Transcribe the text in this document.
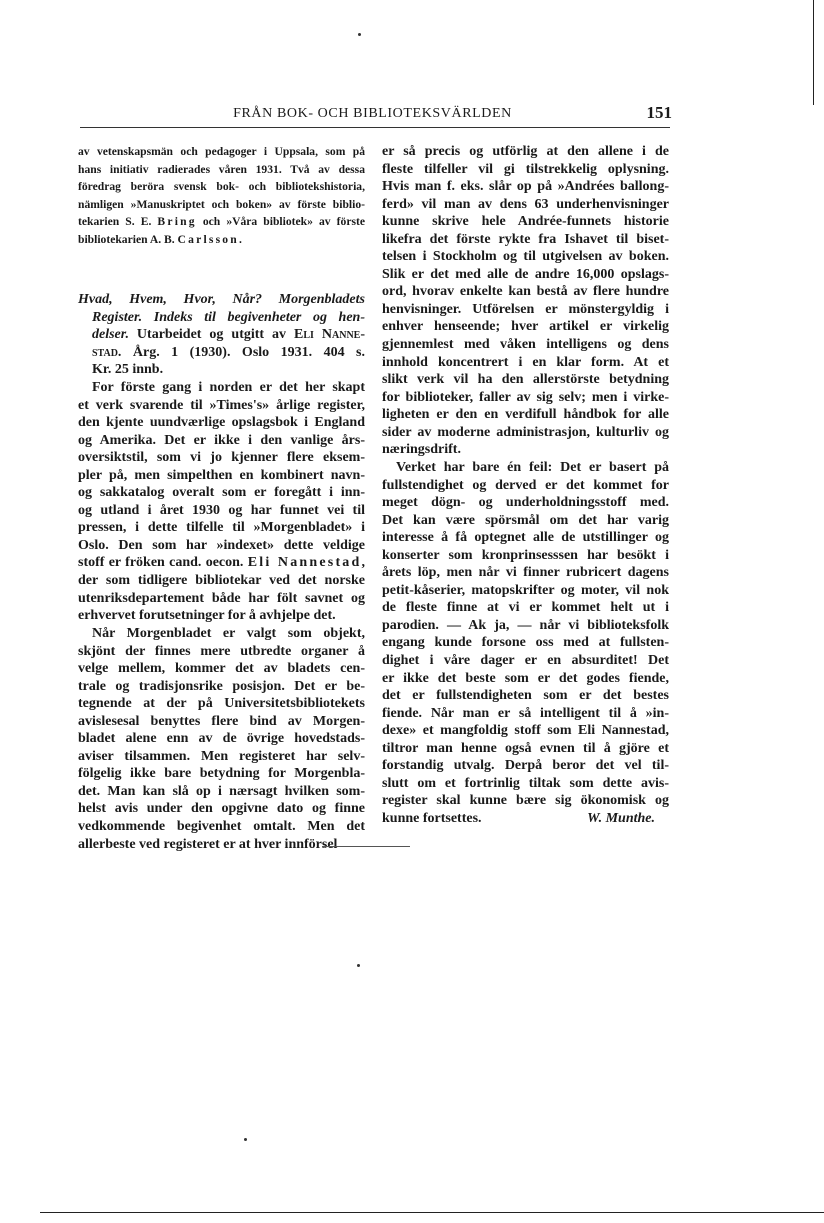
FRÅN BOK- OCH BIBLIOTEKSVÄRLDEN	151
av vetenskapsmän och pedagoger i Uppsala, som på
hans initiativ radierades våren 1931. Två av dessa
föredrag beröra svensk bok- och bibliotekshistoria,
nämligen »Manuskriptet och boken» av förste biblio-
tekarien S. E. Bring och »Våra bibliotek» av förste
bibliotekarien A. B. Carlsson.
Hvad, Hvem, Hvor, Når? Morgenbladets
Register. Indeks til begivenheter og hen-
delser. Utarbeidet og utgitt av Eli Nanne-
stad. Årg. 1 (1930). Oslo 1931. 404 s.
Kr. 25 innb.
For förste gang i norden er det her skapt
et verk svarende til »Times's» årlige register,
den kjente uundværlige opslagsbok i England
og Amerika. Det er ikke i den vanlige års-
oversiktstil, som vi jo kjenner flere eksem-
pler på, men simpelthen en kombinert navn-
og sakkatalog overalt som er foregått i inn-
og utland i året 1930 og har funnet vei til
pressen, i dette tilfelle til »Morgenbladet» i
Oslo. Den som har »indexet» dette veldige
stoff er fröken cand. oecon. Eli Nannestad,
der som tidligere bibliotekar ved det norske
utenriksdepartement både har fölt savnet og
erhvervet forutsetninger for å avhjelpe det.
Når Morgenbladet er valgt som objekt,
skjönt der finnes mere utbredte organer å
velge mellem, kommer det av bladets cen-
trale og tradisjonsrike posisjon. Det er be-
tegnende at der på Universitetsbibliotekets
avislesesal benyttes flere bind av Morgen-
bladet alene enn av de övrige hovedstads-
aviser tilsammen. Men registeret har selv-
fölgelig ikke bare betydning for Morgenbla-
det. Man kan slå op i nærsagt hvilken som-
helst avis under den opgivne dato og finne
vedkommende begivenhet omtalt. Men det
allerbeste ved registeret er at hver innförsel
er så precis og utförlig at den allene i de
fleste tilfeller vil gi tilstrekkelig oplysning.
Hvis man f. eks. slår op på »Andrées ballong-
ferd» vil man av dens 63 underhenvisninger
kunne skrive hele Andrée-funnets historie
likefra det förste rykte fra Ishavet til biset-
telsen i Stockholm og til utgivelsen av boken.
Slik er det med alle de andre 16,000 opslags-
ord, hvorav enkelte kan bestå av flere hundre
henvisninger. Utförelsen er mönstergyldig i
enhver henseende; hver artikel er virkelig
gjennemlest med våken intelligens og dens
innhold koncentrert i en klar form. At et
slikt verk vil ha den allerstörste betydning
for biblioteker, faller av sig selv; men i virke-
ligheten er den en verdifull håndbok for alle
sider av moderne administrasjon, kulturliv og
næringsdrift.
Verket har bare én feil: Det er basert på
fullstendighet og derved er det kommet for
meget dögn- og underholdningsstoff med.
Det kan være spörsmål om det har varig
interesse å få optegnet alle de utstillinger og
konserter som kronprinsesssen har besökt i
årets löp, men når vi finner rubricert dagens
petit-kåserier, matopskrifter og moter, vil nok
de fleste finne at vi er kommet helt ut i
parodien. — Ak ja, — når vi biblioteksfolk
engang kunde forsone oss med at fullsten-
dighet i våre dager er en absurditet! Det
er ikke det beste som er det godes fiende,
det er fullstendigheten som er det bestes
fiende. Når man er så intelligent til å »in-
dexe» et mangfoldig stoff som Eli Nannestad,
tiltror man henne også evnen til å gjöre et
forstandig utvalg. Derpå beror det vel til-
slutt om et fortrinlig tiltak som dette avis-
register skal kunne bære sig ökonomisk og
kunne fortsettes.	W. Munthe.
